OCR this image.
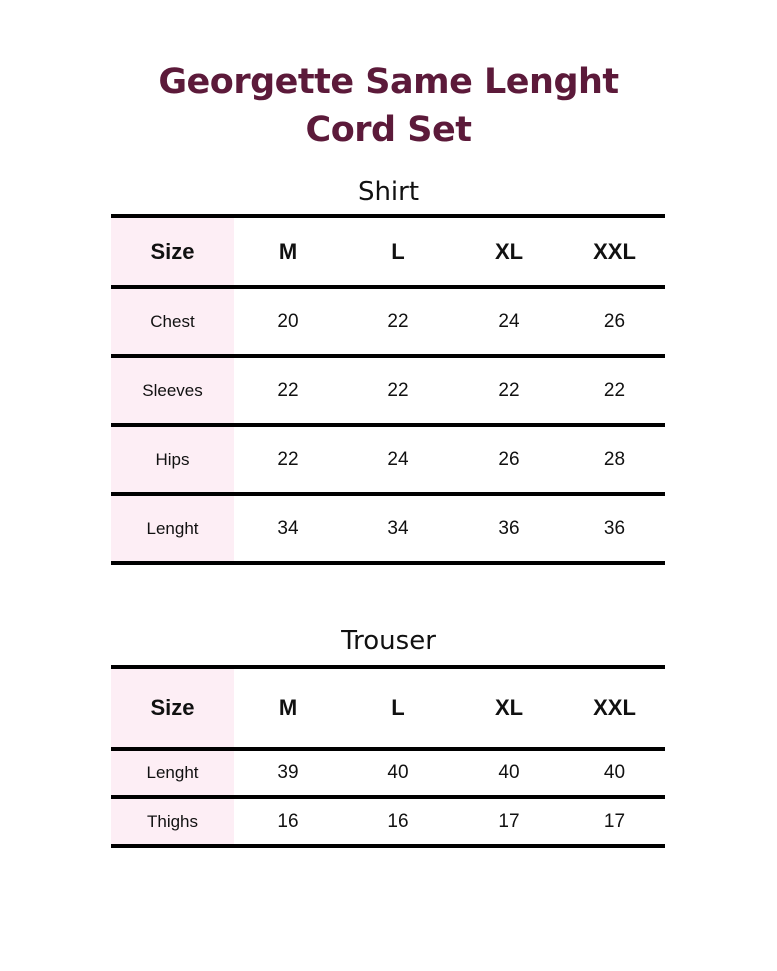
Georgette Same Lenght
Cord Set
Shirt
Size	M	L	XL	XXL
Chest	20	22	24	26
Sleeves	22	22	22	22
Hips	22	24	26	28
Lenght	34	34	36	36
Trouser
Size	M	L	XL	XXL
Lenght	39	40	40	40
Thighs	16	16	17	17
